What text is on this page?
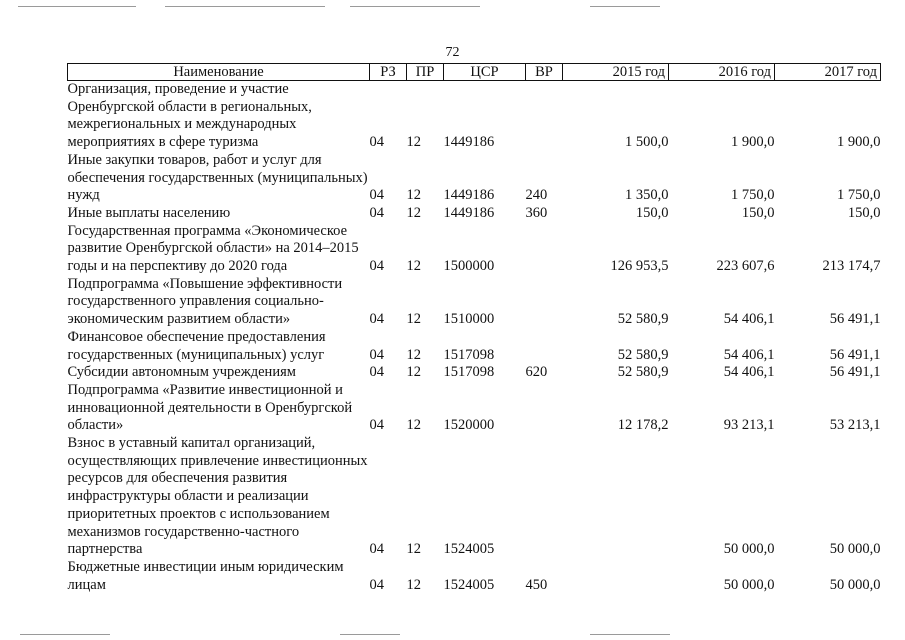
72
Наименование	РЗ	ПР	ЦСР	ВР	2015 год	2016 год	2017 год
Организация, проведение и участие Оренбургской области в региональных, межрегиональных и международных мероприятиях в сфере туризма	04	12	1449186		1 500,0	1 900,0	1 900,0
Иные закупки товаров, работ и услуг для обеспечения государственных (муниципальных) нужд	04	12	1449186	240	1 350,0	1 750,0	1 750,0
Иные выплаты населению	04	12	1449186	360	150,0	150,0	150,0
Государственная программа «Экономическое развитие Оренбургской области» на 2014–2015 годы и на перспективу до 2020 года	04	12	1500000		126 953,5	223 607,6	213 174,7
Подпрограмма «Повышение эффективности государственного управления социально-экономическим развитием области»	04	12	1510000		52 580,9	54 406,1	56 491,1
Финансовое обеспечение предоставления государственных (муниципальных) услуг	04	12	1517098		52 580,9	54 406,1	56 491,1
Субсидии автономным учреждениям	04	12	1517098	620	52 580,9	54 406,1	56 491,1
Подпрограмма «Развитие инвестиционной и инновационной деятельности в Оренбургской области»	04	12	1520000		12 178,2	93 213,1	53 213,1
Взнос в уставный капитал организаций, осуществляющих привлечение инвестиционных ресурсов для обеспечения развития инфраструктуры области и реализации приоритетных проектов с использованием механизмов государственно-частного партнерства	04	12	1524005			50 000,0	50 000,0
Бюджетные инвестиции иным юридическим лицам	04	12	1524005	450		50 000,0	50 000,0
